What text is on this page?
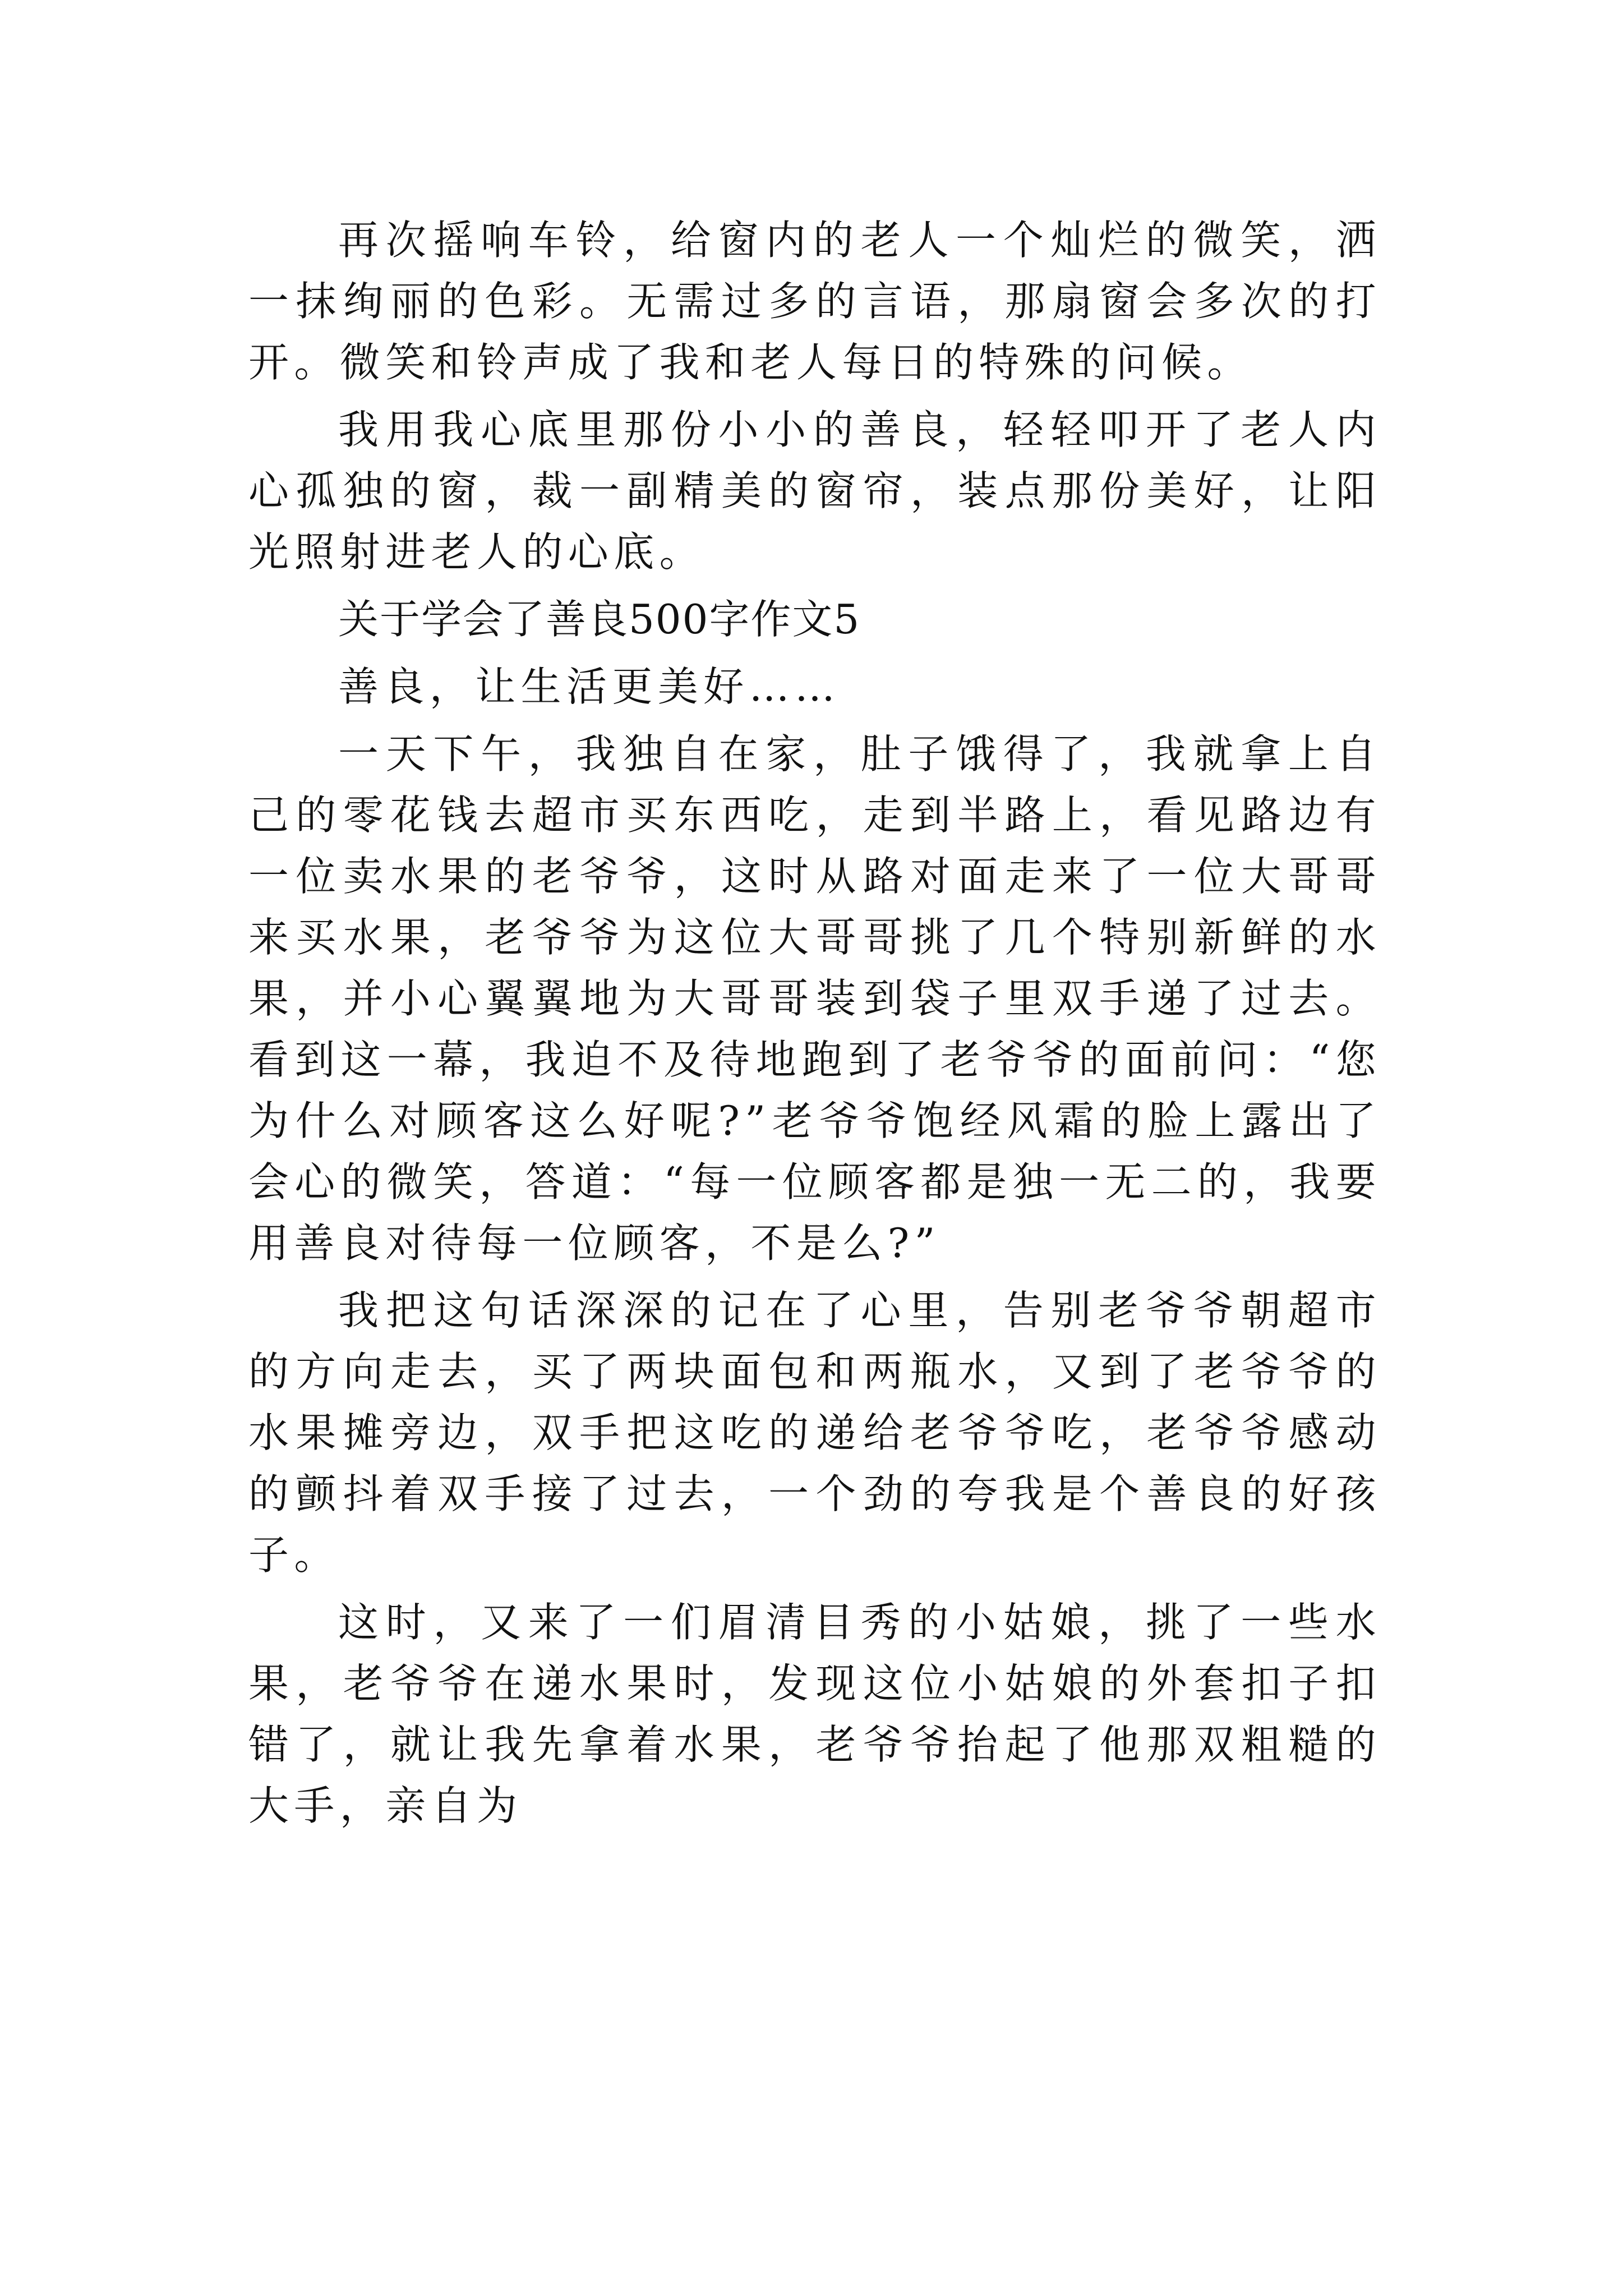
再次摇响车铃，给窗内的老人一个灿烂的微笑，洒一抹绚丽的色彩。无需过多的言语，那扇窗会多次的打开。微笑和铃声成了我和老人每日的特殊的问候。

我用我心底里那份小小的善良，轻轻叩开了老人内心孤独的窗，裁一副精美的窗帘，装点那份美好，让阳光照射进老人的心底。

关于学会了善良500字作文5

善良，让生活更美好……

一天下午，我独自在家，肚子饿得了，我就拿上自己的零花钱去超市买东西吃，走到半路上，看见路边有一位卖水果的老爷爷，这时从路对面走来了一位大哥哥来买水果，老爷爷为这位大哥哥挑了几个特别新鲜的水果，并小心翼翼地为大哥哥装到袋子里双手递了过去。看到这一幕，我迫不及待地跑到了老爷爷的面前问：“您为什么对顾客这么好呢?”老爷爷饱经风霜的脸上露出了会心的微笑，答道：“每一位顾客都是独一无二的，我要用善良对待每一位顾客，不是么?”

我把这句话深深的记在了心里，告别老爷爷朝超市的方向走去，买了两块面包和两瓶水，又到了老爷爷的水果摊旁边，双手把这吃的递给老爷爷吃，老爷爷感动的颤抖着双手接了过去，一个劲的夸我是个善良的好孩子。

这时，又来了一们眉清目秀的小姑娘，挑了一些水果，老爷爷在递水果时，发现这位小姑娘的外套扣子扣错了，就让我先拿着水果，老爷爷抬起了他那双粗糙的大手，亲自为
